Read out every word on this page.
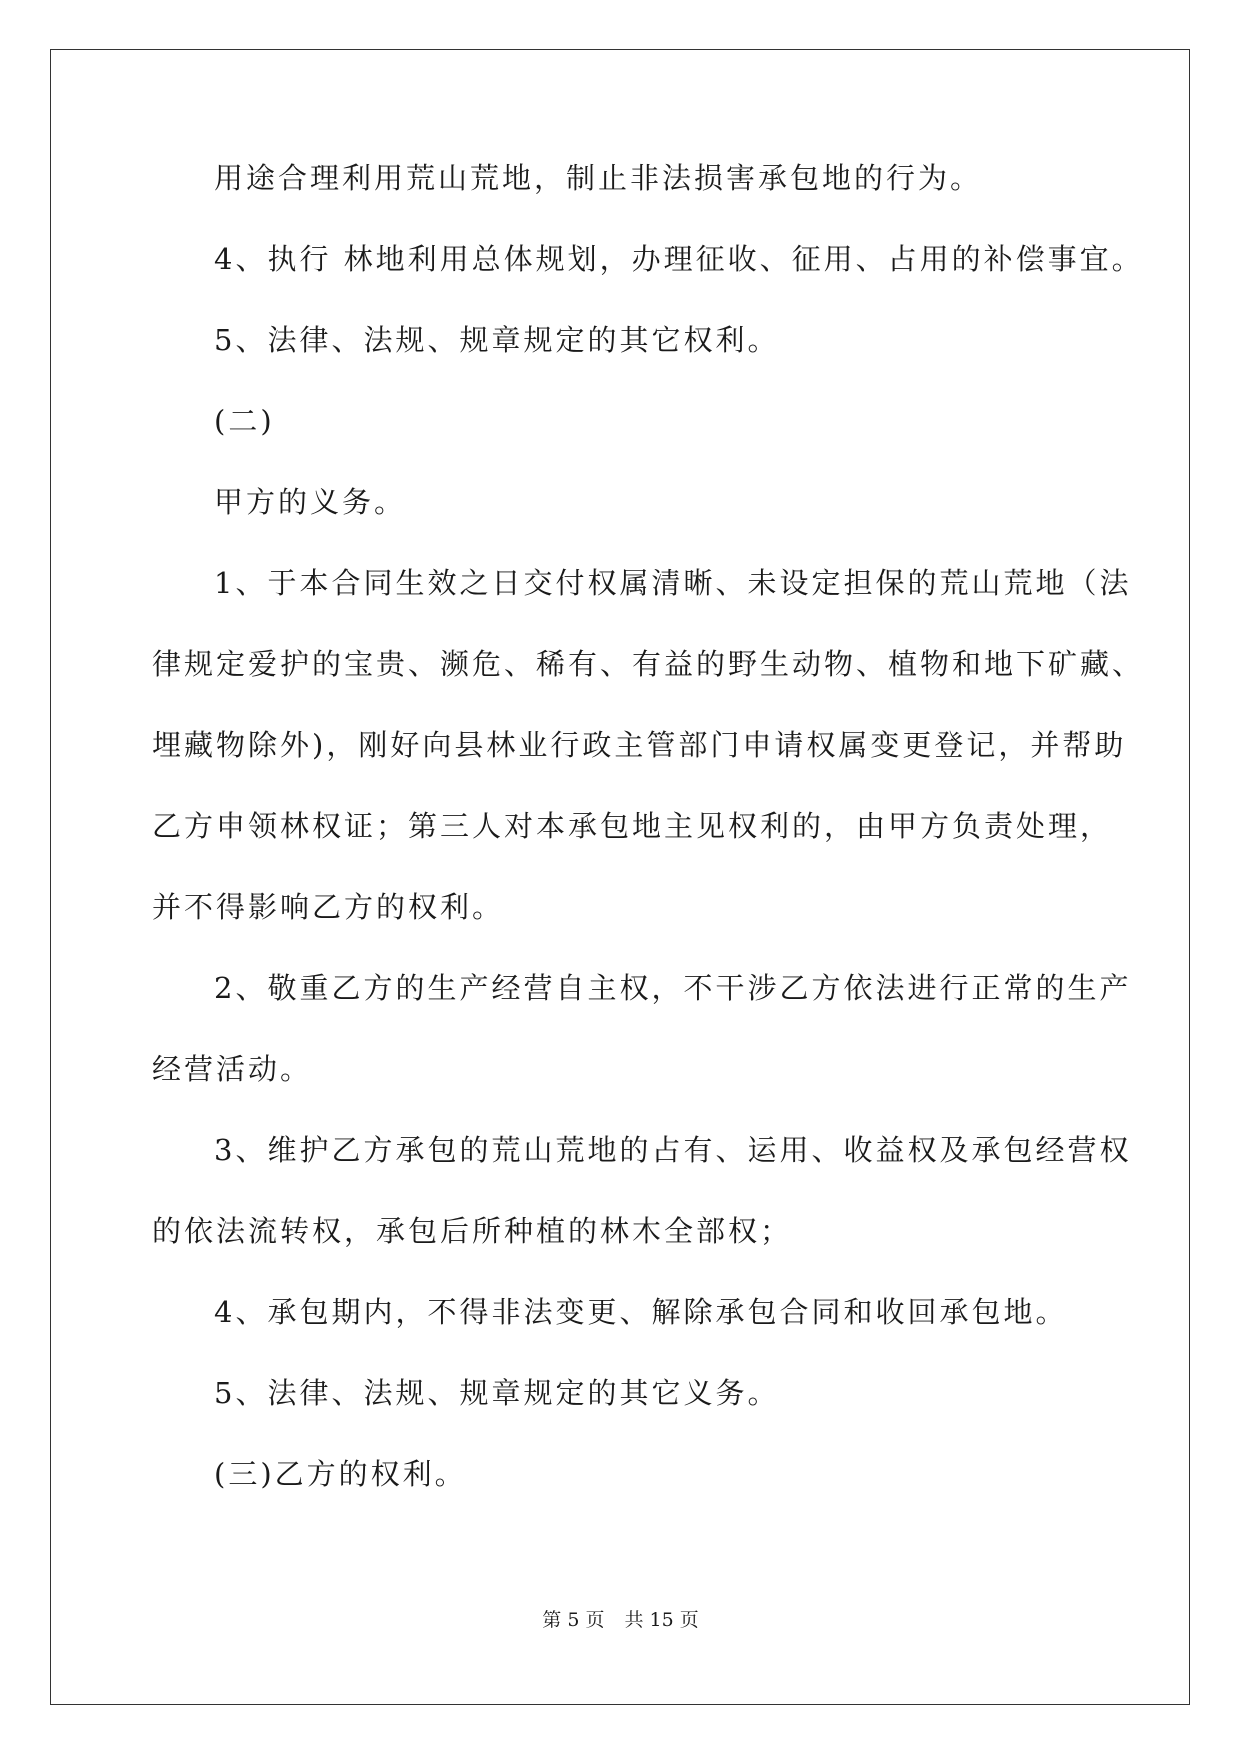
用途合理利用荒山荒地，制止非法损害承包地的行为。

4、执行 林地利用总体规划，办理征收、征用、占用的补偿事宜。

5、法律、法规、规章规定的其它权利。

(二)

甲方的义务。

1、于本合同生效之日交付权属清晰、未设定担保的荒山荒地（法

律规定爱护的宝贵、濒危、稀有、有益的野生动物、植物和地下矿藏、

埋藏物除外)，刚好向县林业行政主管部门申请权属变更登记，并帮助

乙方申领林权证；第三人对本承包地主见权利的，由甲方负责处理，

并不得影响乙方的权利。

2、敬重乙方的生产经营自主权，不干涉乙方依法进行正常的生产

经营活动。

3、维护乙方承包的荒山荒地的占有、运用、收益权及承包经营权

的依法流转权，承包后所种植的林木全部权；

4、承包期内，不得非法变更、解除承包合同和收回承包地。

5、法律、法规、规章规定的其它义务。

(三)乙方的权利。

第 5 页 共 15 页
